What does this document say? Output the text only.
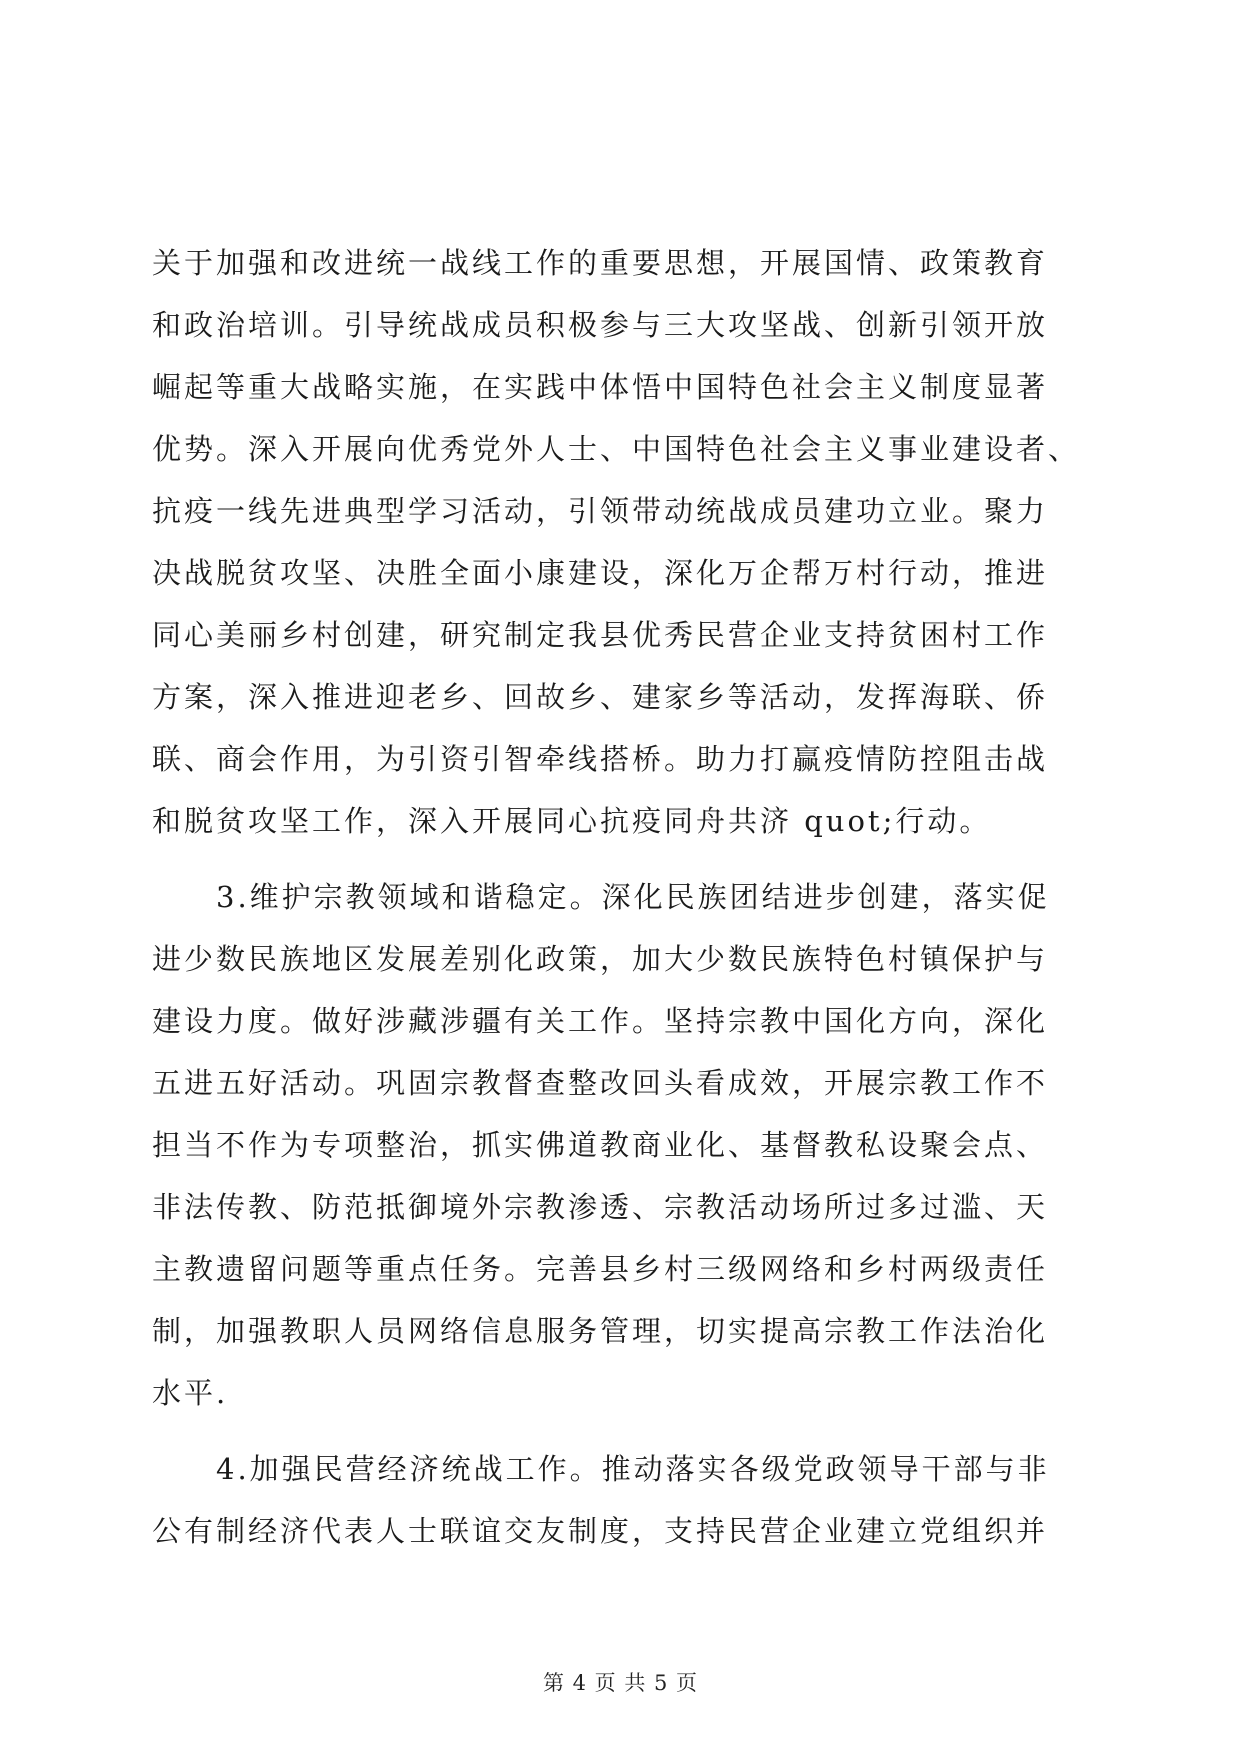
关于加强和改进统一战线工作的重要思想，开展国情、政策教育
和政治培训。引导统战成员积极参与三大攻坚战、创新引领开放
崛起等重大战略实施，在实践中体悟中国特色社会主义制度显著
优势。深入开展向优秀党外人士、中国特色社会主义事业建设者、
抗疫一线先进典型学习活动，引领带动统战成员建功立业。聚力
决战脱贫攻坚、决胜全面小康建设，深化万企帮万村行动，推进
同心美丽乡村创建，研究制定我县优秀民营企业支持贫困村工作
方案，深入推进迎老乡、回故乡、建家乡等活动，发挥海联、侨
联、商会作用，为引资引智牵线搭桥。助力打赢疫情防控阻击战
和脱贫攻坚工作，深入开展同心抗疫同舟共济 quot;行动。
　　3.维护宗教领域和谐稳定。深化民族团结进步创建，落实促
进少数民族地区发展差别化政策，加大少数民族特色村镇保护与
建设力度。做好涉藏涉疆有关工作。坚持宗教中国化方向，深化
五进五好活动。巩固宗教督查整改回头看成效，开展宗教工作不
担当不作为专项整治，抓实佛道教商业化、基督教私设聚会点、
非法传教、防范抵御境外宗教渗透、宗教活动场所过多过滥、天
主教遗留问题等重点任务。完善县乡村三级网络和乡村两级责任
制，加强教职人员网络信息服务管理，切实提高宗教工作法治化
水平.
　　4.加强民营经济统战工作。推动落实各级党政领导干部与非
公有制经济代表人士联谊交友制度，支持民营企业建立党组织并
第 4 页 共 5 页
